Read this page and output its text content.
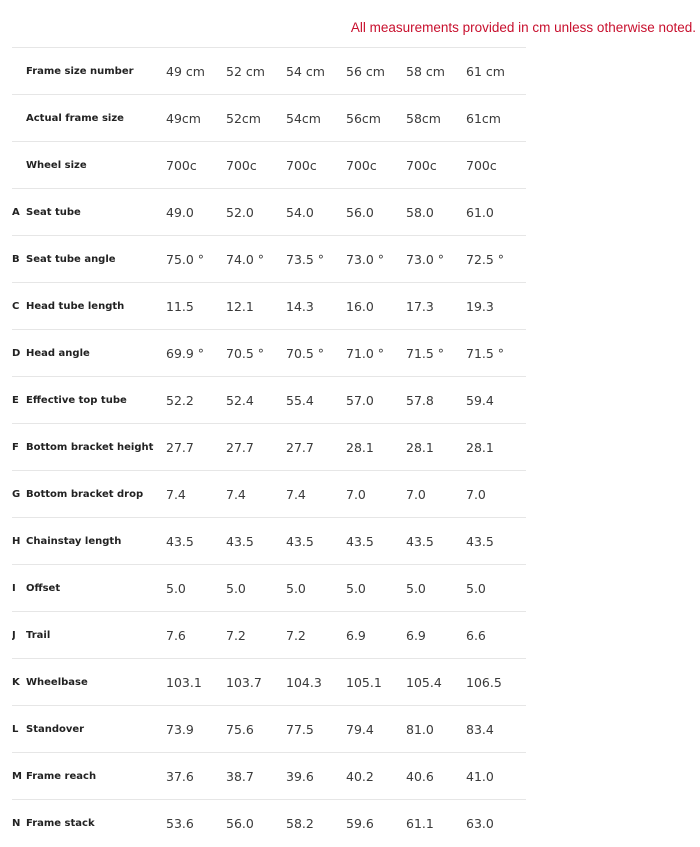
All measurements provided in cm unless otherwise noted.
	Frame size number	49 cm	52 cm	54 cm	56 cm	58 cm	61 cm
	Actual frame size	49cm	52cm	54cm	56cm	58cm	61cm
	Wheel size	700c	700c	700c	700c	700c	700c
A	Seat tube	49.0	52.0	54.0	56.0	58.0	61.0
B	Seat tube angle	75.0 °	74.0 °	73.5 °	73.0 °	73.0 °	72.5 °
C	Head tube length	11.5	12.1	14.3	16.0	17.3	19.3
D	Head angle	69.9 °	70.5 °	70.5 °	71.0 °	71.5 °	71.5 °
E	Effective top tube	52.2	52.4	55.4	57.0	57.8	59.4
F	Bottom bracket height	27.7	27.7	27.7	28.1	28.1	28.1
G	Bottom bracket drop	7.4	7.4	7.4	7.0	7.0	7.0
H	Chainstay length	43.5	43.5	43.5	43.5	43.5	43.5
I	Offset	5.0	5.0	5.0	5.0	5.0	5.0
J	Trail	7.6	7.2	7.2	6.9	6.9	6.6
K	Wheelbase	103.1	103.7	104.3	105.1	105.4	106.5
L	Standover	73.9	75.6	77.5	79.4	81.0	83.4
M	Frame reach	37.6	38.7	39.6	40.2	40.6	41.0
N	Frame stack	53.6	56.0	58.2	59.6	61.1	63.0
